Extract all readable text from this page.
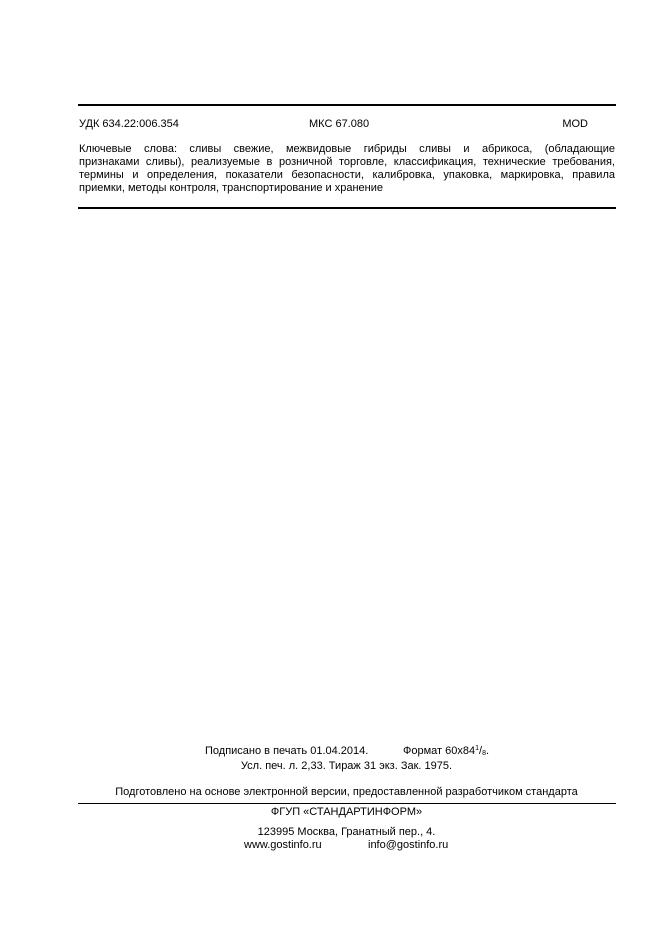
УДК 634.22:006.354	МКС 67.080	MOD
Ключевые слова: сливы свежие, межвидовые гибриды сливы и абрикоса, (обладающие
признаками сливы), реализуемые в розничной торговле, классификация, технические требования,
термины и определения, показатели безопасности, калибровка, упаковка, маркировка, правила
приемки, методы контроля, транспортирование и хранение
Подписано в печать 01.04.2014.	Формат $60x84^1/_8$.
Усл. печ. л. 2,33. Тираж 31 экз. Зак. 1975.
Подготовлено на основе электронной версии, предоставленной разработчиком стандарта
ФГУП «СТАНДАРТИНФОРМ»
123995 Москва, Гранатный пер., 4.
www.gostinfo.ru	info@gostinfo.ru
